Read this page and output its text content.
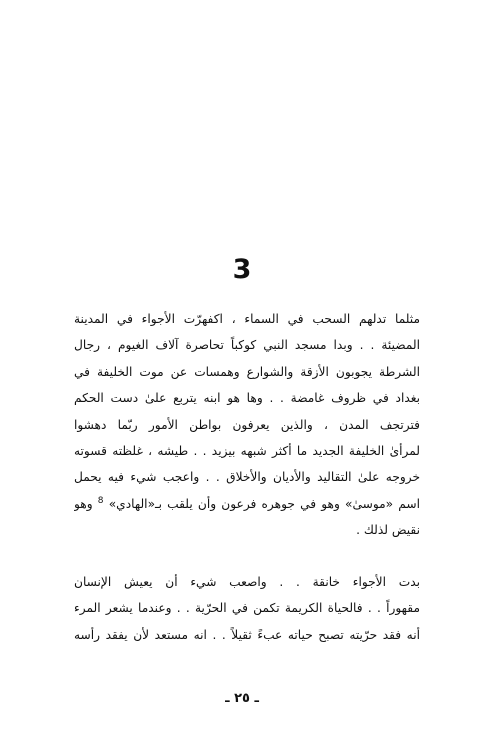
3
مثلما تدلهم السحب في السماء ، اكفهرّت الأجواء في المدينة
المضيئة . . وبدا مسجد النبي كوكباً تحاصرة آلاف الغيوم ، رجال
الشرطة يجوبون الأزقة والشوارع وهمسات عن موت الخليفة في
بغداد في ظروف غامضة . . وها هو ابنه يتربع علىٰ دست الحكم
فترتجف المدن ، والذين يعرفون بواطن الأمور ربّما دهشوا
لمرأىٰ الخليفة الجديد ما أكثر شبهه بيزيد . . طيشه ، غلظته قسوته
خروجه علىٰ التقاليد والأديان والأخلاق . . واعجب شيء فيه يحمل
اسم «موسىٰ» وهو في جوهره فرعون وأن يلقب بـ«الهادي» $^8$ وهو
نقيض لذلك .
بدت الأجواء خانقة . . واصعب شيء أن يعيش الإنسان
مقهوراً . . فالحياة الكريمة تكمن في الحرّية . . وعندما يشعر المرء
أنه فقد حرّيته تصبح حياته عبءً ثقيلاً . . انه مستعد لأن يفقد رأسه
ـ ٢٥ ـ
